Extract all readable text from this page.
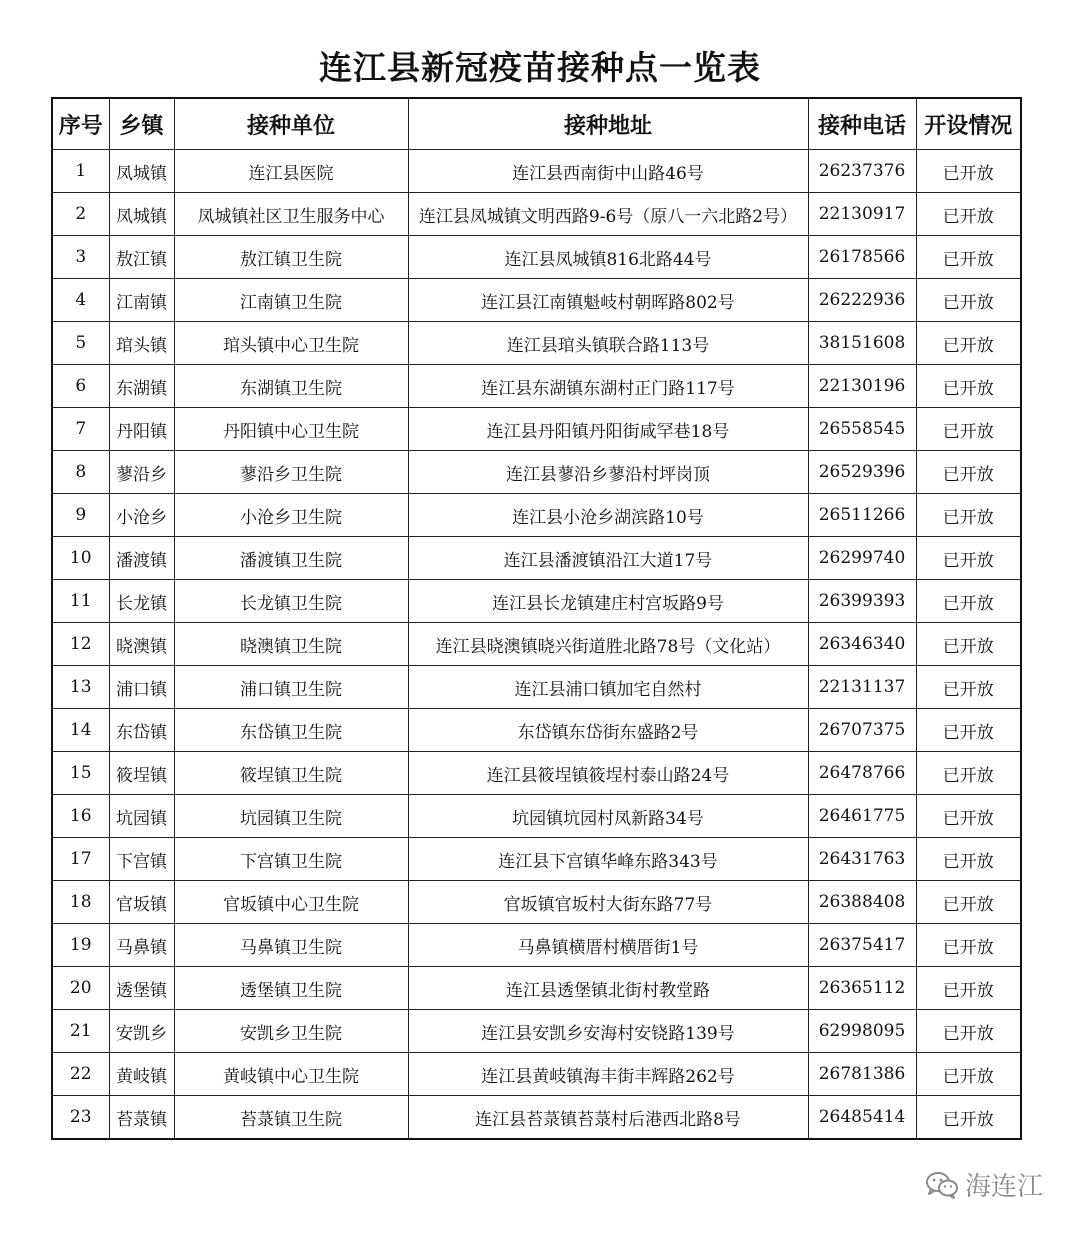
连江县新冠疫苗接种点一览表
序号	乡镇	接种单位	接种地址	接种电话	开设情况
1	凤城镇	连江县医院	连江县西南街中山路46号	26237376	已开放
2	凤城镇	凤城镇社区卫生服务中心	连江县凤城镇文明西路9-6号（原八一六北路2号）	22130917	已开放
3	敖江镇	敖江镇卫生院	连江县凤城镇816北路44号	26178566	已开放
4	江南镇	江南镇卫生院	连江县江南镇魁岐村朝晖路802号	26222936	已开放
5	琯头镇	琯头镇中心卫生院	连江县琯头镇联合路113号	38151608	已开放
6	东湖镇	东湖镇卫生院	连江县东湖镇东湖村正门路117号	22130196	已开放
7	丹阳镇	丹阳镇中心卫生院	连江县丹阳镇丹阳街咸罕巷18号	26558545	已开放
8	蓼沿乡	蓼沿乡卫生院	连江县蓼沿乡蓼沿村坪岗顶	26529396	已开放
9	小沧乡	小沧乡卫生院	连江县小沧乡湖滨路10号	26511266	已开放
10	潘渡镇	潘渡镇卫生院	连江县潘渡镇沿江大道17号	26299740	已开放
11	长龙镇	长龙镇卫生院	连江县长龙镇建庄村宫坂路9号	26399393	已开放
12	晓澳镇	晓澳镇卫生院	连江县晓澳镇晓兴街道胜北路78号（文化站）	26346340	已开放
13	浦口镇	浦口镇卫生院	连江县浦口镇加宅自然村	22131137	已开放
14	东岱镇	东岱镇卫生院	东岱镇东岱街东盛路2号	26707375	已开放
15	筱埕镇	筱埕镇卫生院	连江县筱埕镇筱埕村泰山路24号	26478766	已开放
16	坑园镇	坑园镇卫生院	坑园镇坑园村凤新路34号	26461775	已开放
17	下宫镇	下宫镇卫生院	连江县下宫镇华峰东路343号	26431763	已开放
18	官坂镇	官坂镇中心卫生院	官坂镇官坂村大街东路77号	26388408	已开放
19	马鼻镇	马鼻镇卫生院	马鼻镇横厝村横厝街1号	26375417	已开放
20	透堡镇	透堡镇卫生院	连江县透堡镇北街村教堂路	26365112	已开放
21	安凯乡	安凯乡卫生院	连江县安凯乡安海村安铙路139号	62998095	已开放
22	黄岐镇	黄岐镇中心卫生院	连江县黄岐镇海丰街丰辉路262号	26781386	已开放
23	苔菉镇	苔菉镇卫生院	连江县苔菉镇苔菉村后港西北路8号	26485414	已开放
海连江
